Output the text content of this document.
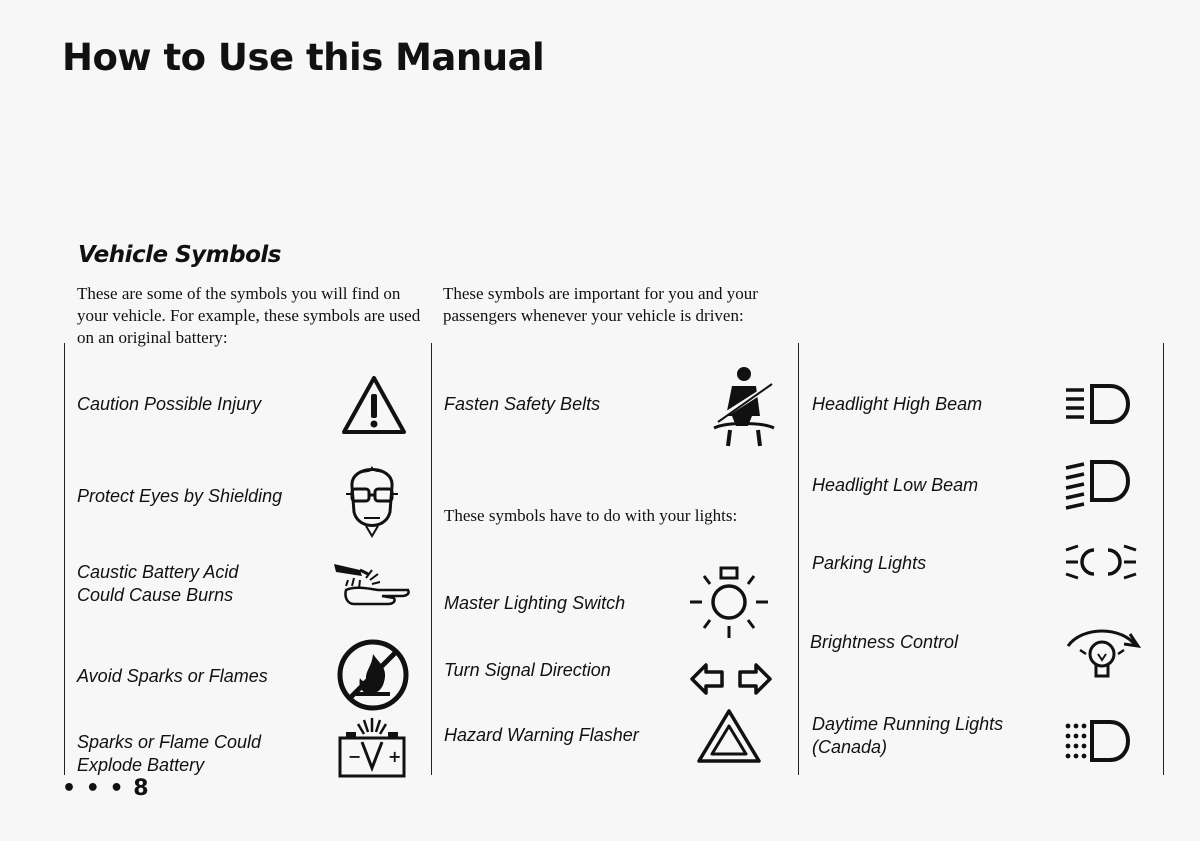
How to Use this Manual
Vehicle Symbols
These are some of the symbols you will find on your vehicle. For example, these symbols are used on an original battery:
These symbols are important for you and your passengers whenever your vehicle is driven:
These symbols have to do with your lights:
Caution Possible Injury
Protect Eyes by Shielding
Caustic Battery Acid
Could Cause Burns
Avoid Sparks or Flames
Sparks or Flame Could
Explode Battery
Fasten Safety Belts
Master Lighting Switch
Turn Signal Direction
Hazard Warning Flasher
Headlight High Beam
Headlight Low Beam
Parking Lights
Brightness Control
Daytime Running Lights
(Canada)
− +
• • • 8
